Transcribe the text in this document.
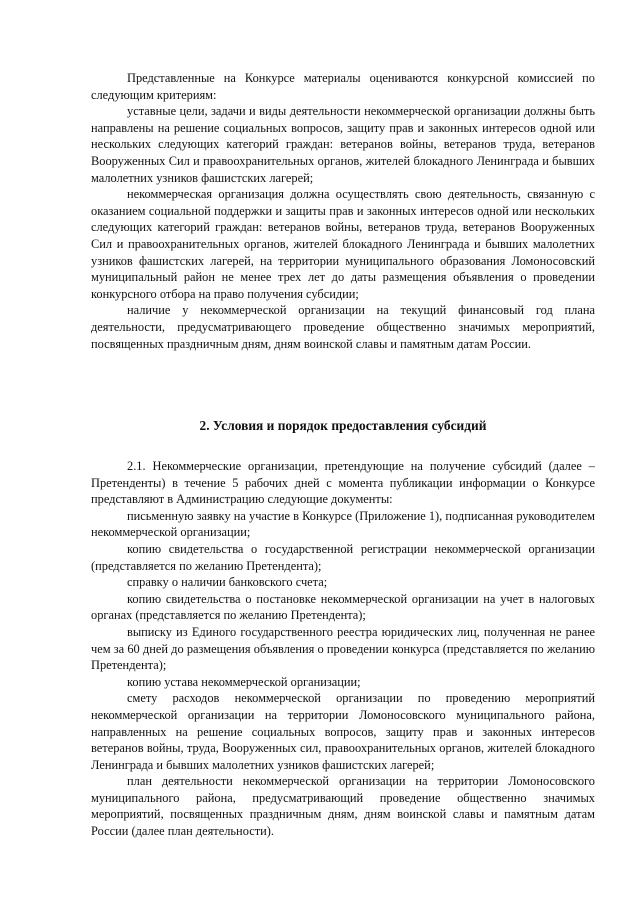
Представленные на Конкурсе материалы оцениваются конкурсной комиссией по следующим критериям:

уставные цели, задачи и виды деятельности некоммерческой организации должны быть направлены на решение социальных вопросов, защиту прав и законных интересов одной или нескольких следующих категорий граждан: ветеранов войны, ветеранов труда, ветеранов Вооруженных Сил и правоохранительных органов, жителей блокадного Ленинграда и бывших малолетних узников фашистских лагерей;

некоммерческая организация должна осуществлять свою деятельность, связанную с оказанием социальной поддержки и защиты прав и законных интересов одной или нескольких следующих категорий граждан: ветеранов войны, ветеранов труда, ветеранов Вооруженных Сил и правоохранительных органов, жителей блокадного Ленинграда и бывших малолетних узников фашистских лагерей, на территории муниципального образования Ломоносовский муниципальный район не менее трех лет до даты размещения объявления о проведении конкурсного отбора на право получения субсидии;

наличие у некоммерческой организации на текущий финансовый год плана деятельности, предусматривающего проведение общественно значимых мероприятий, посвященных праздничным дням, дням воинской славы и памятным датам России.

2. Условия и порядок предоставления субсидий

2.1. Некоммерческие организации, претендующие на получение субсидий (далее – Претенденты) в течение 5 рабочих дней с момента публикации информации о Конкурсе представляют в Администрацию следующие документы:

письменную заявку на участие в Конкурсе (Приложение 1), подписанная руководителем некоммерческой организации;

копию свидетельства о государственной регистрации некоммерческой организации (представляется по желанию Претендента);

справку о наличии банковского счета;

копию свидетельства о постановке некоммерческой организации на учет в налоговых органах (представляется по желанию Претендента);

выписку из Единого государственного реестра юридических лиц, полученная не ранее чем за 60 дней до размещения объявления о проведении конкурса (представляется по желанию Претендента);

копию устава некоммерческой организации;

смету расходов некоммерческой организации по проведению мероприятий некоммерческой организации на территории Ломоносовского муниципального района, направленных на решение социальных вопросов, защиту прав и законных интересов ветеранов войны, труда, Вооруженных сил, правоохранительных органов, жителей блокадного Ленинграда и бывших малолетних узников фашистских лагерей;

план деятельности некоммерческой организации на территории Ломоносовского муниципального района, предусматривающий проведение общественно значимых мероприятий, посвященных праздничным дням, дням воинской славы и памятным датам России (далее план деятельности).
